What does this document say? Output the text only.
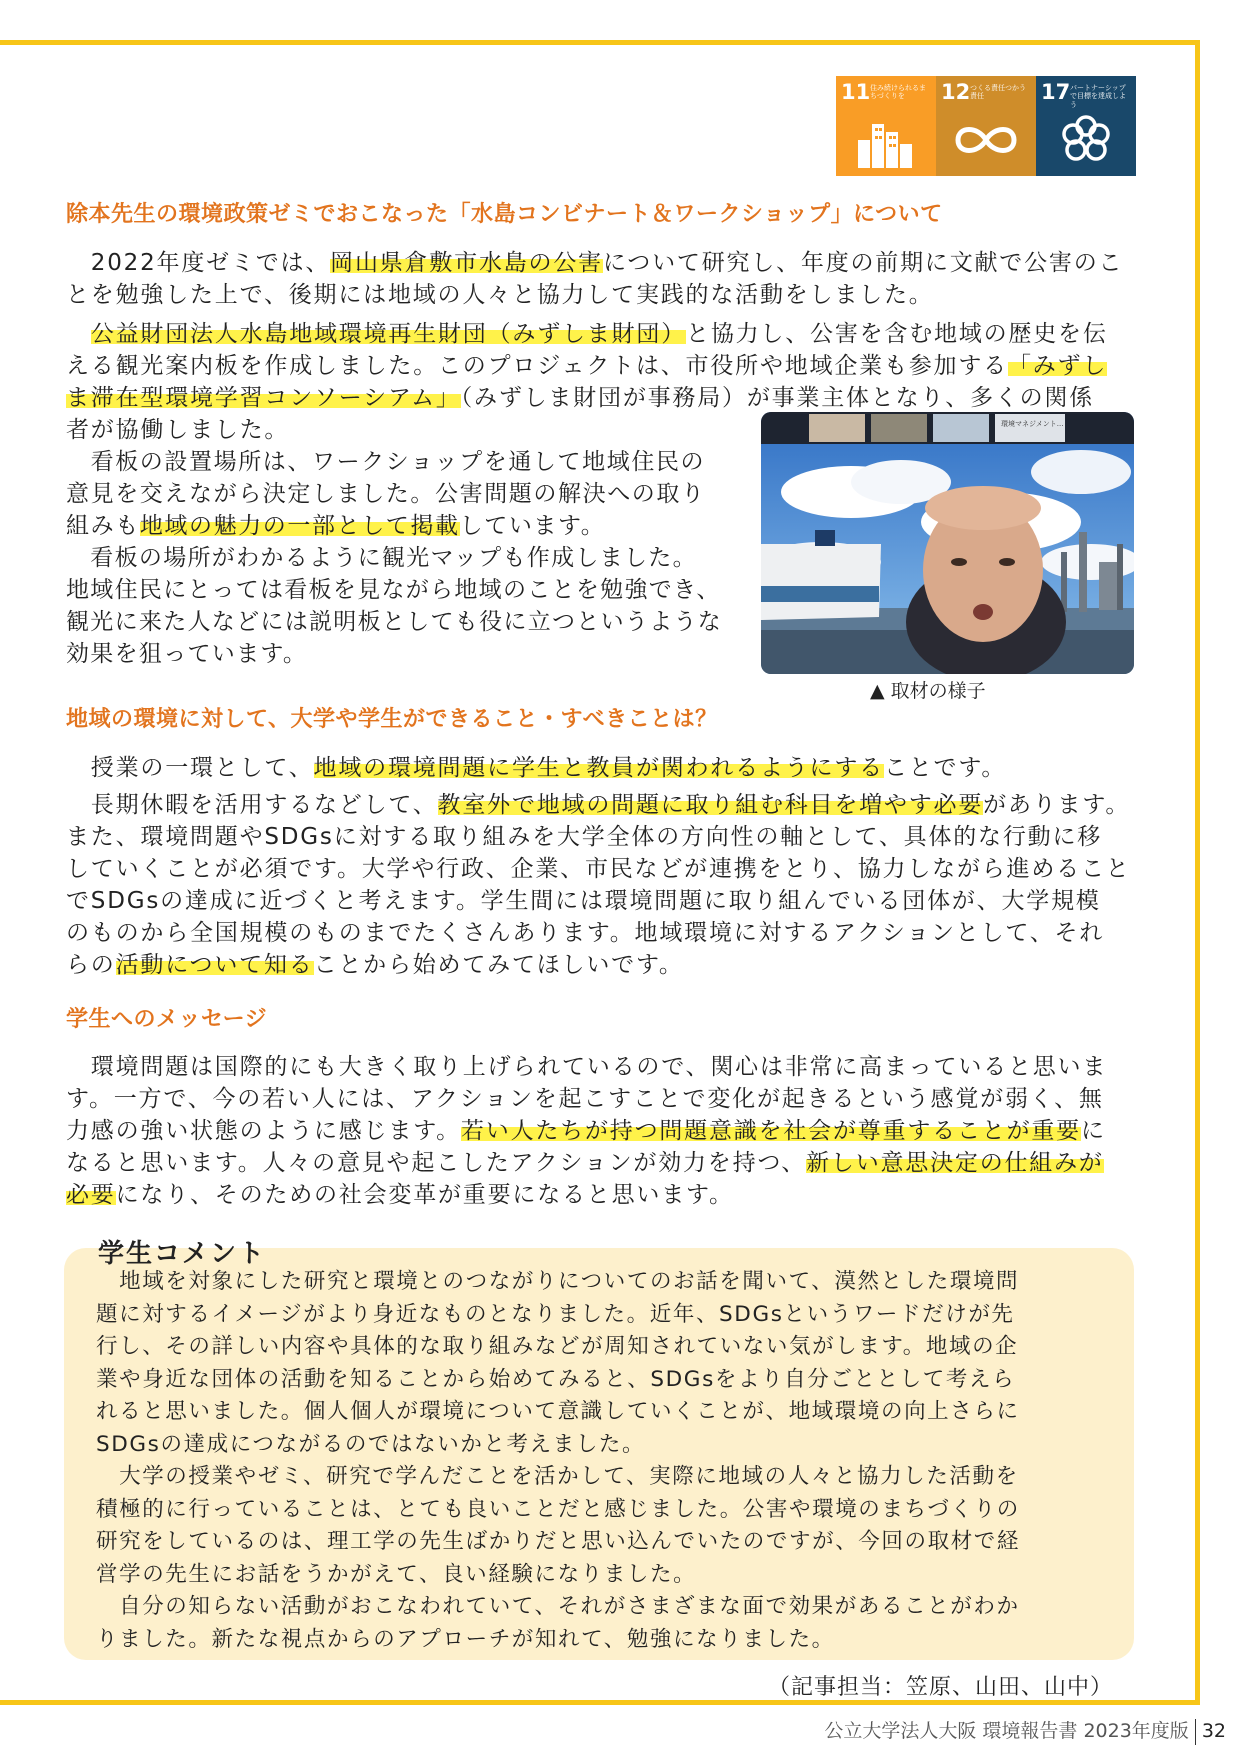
11 住み続けられるまちづくりを	12 つくる責任つかう責任	17 パートナーシップで目標を達成しよう
除本先生の環境政策ゼミでおこなった「水島コンビナート＆ワークショップ」について
　2022年度ゼミでは、岡山県倉敷市水島の公害について研究し、年度の前期に文献で公害のこ
とを勉強した上で、後期には地域の人々と協力して実践的な活動をしました。
　公益財団法人水島地域環境再生財団（みずしま財団）と協力し、公害を含む地域の歴史を伝
える観光案内板を作成しました。このプロジェクトは、市役所や地域企業も参加する「みずし
ま滞在型環境学習コンソーシアム」（みずしま財団が事務局）が事業主体となり、多くの関係
者が協働しました。
　看板の設置場所は、ワークショップを通して地域住民の
意見を交えながら決定しました。公害問題の解決への取り
組みも地域の魅力の一部として掲載しています。
　看板の場所がわかるように観光マップも作成しました。
地域住民にとっては看板を見ながら地域のことを勉強でき、
観光に来た人などには説明板としても役に立つというような
効果を狙っています。
環境マネジメント...
▲ 取材の様子
地域の環境に対して、大学や学生ができること・すべきことは？
　授業の一環として、地域の環境問題に学生と教員が関われるようにすることです。
　長期休暇を活用するなどして、教室外で地域の問題に取り組む科目を増やす必要があります。
また、環境問題やSDGsに対する取り組みを大学全体の方向性の軸として、具体的な行動に移
していくことが必須です。大学や行政、企業、市民などが連携をとり、協力しながら進めること
でSDGsの達成に近づくと考えます。学生間には環境問題に取り組んでいる団体が、大学規模
のものから全国規模のものまでたくさんあります。地域環境に対するアクションとして、それ
らの活動について知ることから始めてみてほしいです。
学生へのメッセージ
　環境問題は国際的にも大きく取り上げられているので、関心は非常に高まっていると思いま
す。一方で、今の若い人には、アクションを起こすことで変化が起きるという感覚が弱く、無
力感の強い状態のように感じます。若い人たちが持つ問題意識を社会が尊重することが重要に
なると思います。人々の意見や起こしたアクションが効力を持つ、新しい意思決定の仕組みが
必要になり、そのための社会変革が重要になると思います。
学生コメント
　地域を対象にした研究と環境とのつながりについてのお話を聞いて、漠然とした環境問
題に対するイメージがより身近なものとなりました。近年、SDGsというワードだけが先
行し、その詳しい内容や具体的な取り組みなどが周知されていない気がします。地域の企
業や身近な団体の活動を知ることから始めてみると、SDGsをより自分ごととして考えら
れると思いました。個人個人が環境について意識していくことが、地域環境の向上さらに
SDGsの達成につながるのではないかと考えました。
　大学の授業やゼミ、研究で学んだことを活かして、実際に地域の人々と協力した活動を
積極的に行っていることは、とても良いことだと感じました。公害や環境のまちづくりの
研究をしているのは、理工学の先生ばかりだと思い込んでいたのですが、今回の取材で経
営学の先生にお話をうかがえて、良い経験になりました。
　自分の知らない活動がおこなわれていて、それがさまざまな面で効果があることがわか
りました。新たな視点からのアプローチが知れて、勉強になりました。
（記事担当：笠原、山田、山中）
公立大学法人大阪 環境報告書 2023年度版 32
